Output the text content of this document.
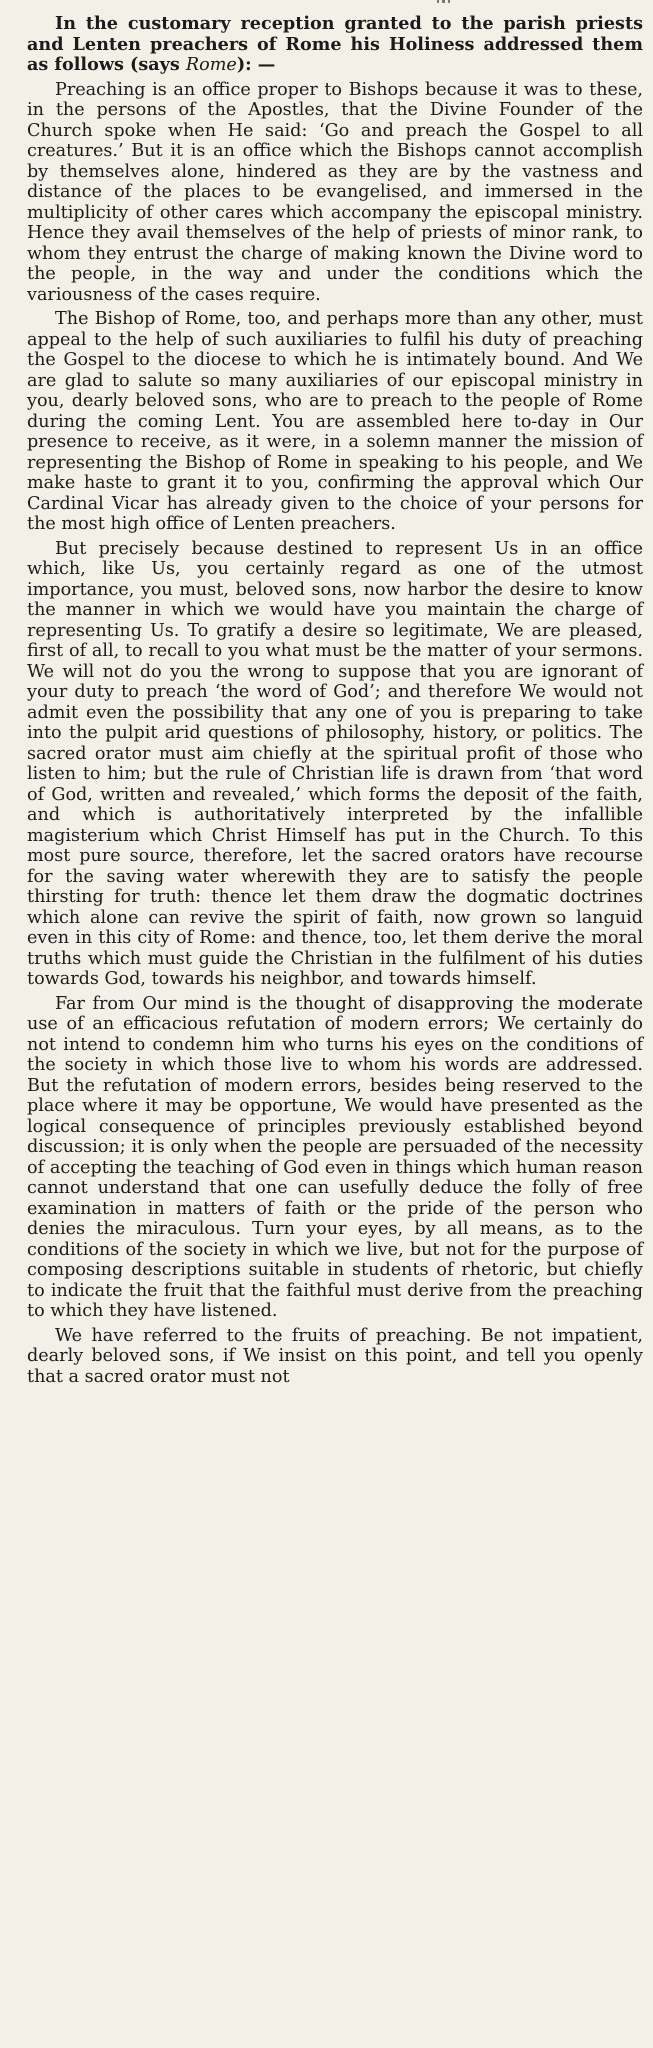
In the customary reception granted to the parish priests and Lenten preachers of Rome his Holiness addressed them as follows (says Rome): —

Preaching is an office proper to Bishops because it was to these, in the persons of the Apostles, that the Divine Founder of the Church spoke when He said: ‘Go and preach the Gospel to all creatures.’ But it is an office which the Bishops cannot accomplish by themselves alone, hindered as they are by the vastness and distance of the places to be evangelised, and immersed in the multiplicity of other cares which accompany the episcopal ministry. Hence they avail themselves of the help of priests of minor rank, to whom they entrust the charge of making known the Divine word to the people, in the way and under the conditions which the variousness of the cases require.

The Bishop of Rome, too, and perhaps more than any other, must appeal to the help of such auxiliaries to fulfil his duty of preaching the Gospel to the diocese to which he is intimately bound. And We are glad to salute so many auxiliaries of our episcopal ministry in you, dearly beloved sons, who are to preach to the people of Rome during the coming Lent. You are assembled here to-day in Our presence to receive, as it were, in a solemn manner the mission of representing the Bishop of Rome in speaking to his people, and We make haste to grant it to you, confirming the approval which Our Cardinal Vicar has already given to the choice of your persons for the most high office of Lenten preachers.

But precisely because destined to represent Us in an office which, like Us, you certainly regard as one of the utmost importance, you must, beloved sons, now harbor the desire to know the manner in which we would have you maintain the charge of representing Us. To gratify a desire so legitimate, We are pleased, first of all, to recall to you what must be the matter of your sermons. We will not do you the wrong to suppose that you are ignorant of your duty to preach ‘the word of God’; and therefore We would not admit even the possibility that any one of you is preparing to take into the pulpit arid questions of philosophy, history, or politics. The sacred orator must aim chiefly at the spiritual profit of those who listen to him; but the rule of Christian life is drawn from ‘that word of God, written and revealed,’ which forms the deposit of the faith, and which is authoritatively interpreted by the infallible magisterium which Christ Himself has put in the Church. To this most pure source, therefore, let the sacred orators have recourse for the saving water wherewith they are to satisfy the people thirsting for truth: thence let them draw the dogmatic doctrines which alone can revive the spirit of faith, now grown so languid even in this city of Rome: and thence, too, let them derive the moral truths which must guide the Christian in the fulfilment of his duties towards God, towards his neighbor, and towards himself.

Far from Our mind is the thought of disapproving the moderate use of an efficacious refutation of modern errors; We certainly do not intend to condemn him who turns his eyes on the conditions of the society in which those live to whom his words are addressed. But the refutation of modern errors, besides being reserved to the place where it may be opportune, We would have presented as the logical consequence of principles previously established beyond discussion; it is only when the people are persuaded of the necessity of accepting the teaching of God even in things which human reason cannot understand that one can usefully deduce the folly of free examination in matters of faith or the pride of the person who denies the miraculous. Turn your eyes, by all means, as to the conditions of the society in which we live, but not for the purpose of composing descriptions suitable in students of rhetoric, but chiefly to indicate the fruit that the faithful must derive from the preaching to which they have listened.

We have referred to the fruits of preaching. Be not impatient, dearly beloved sons, if We insist on this point, and tell you openly that a sacred orator must not
